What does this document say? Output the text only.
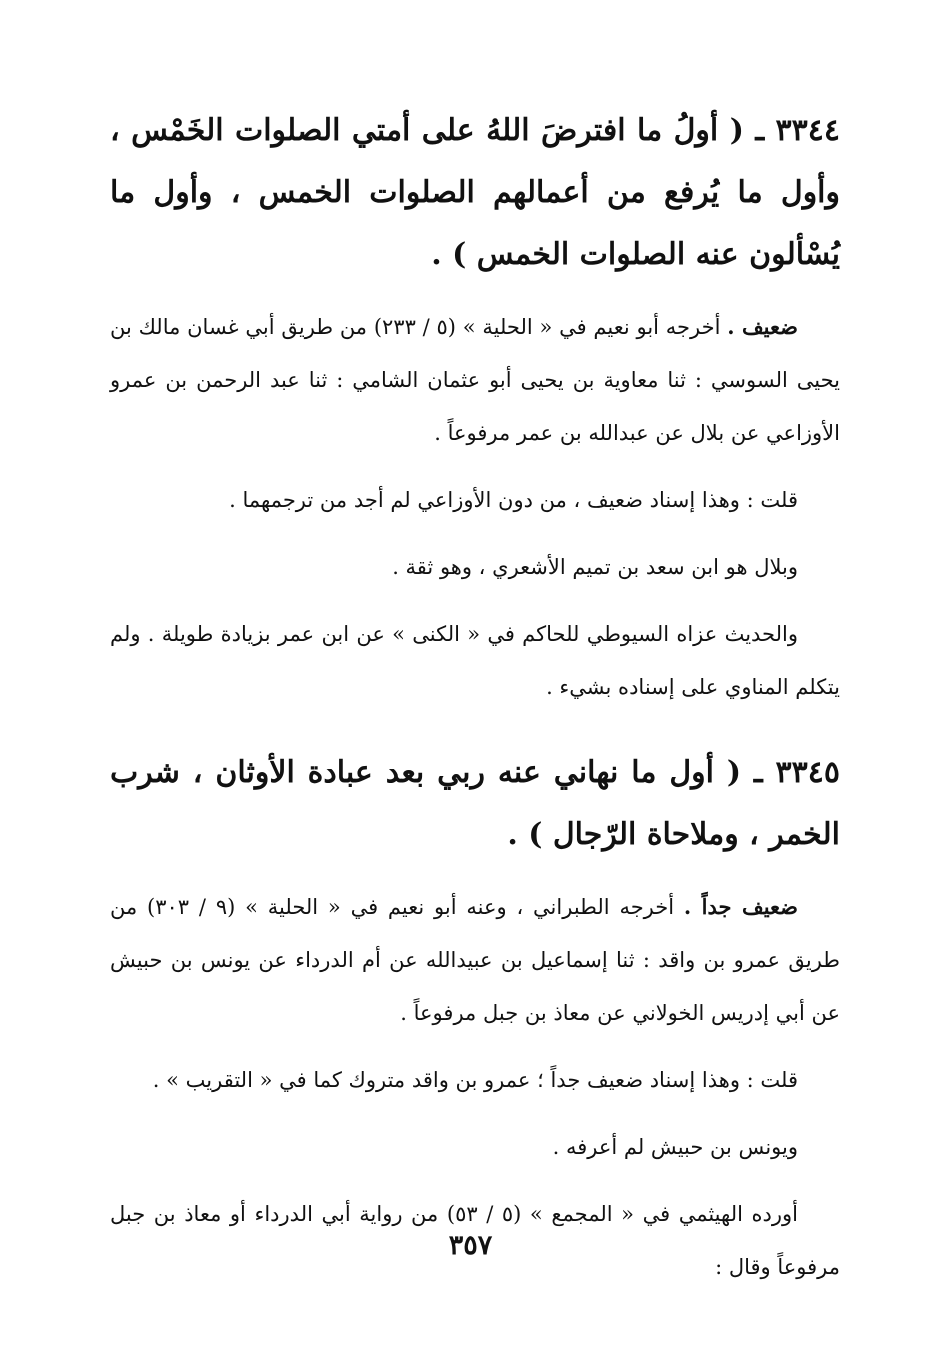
٣٣٤٤ ـ ( أولُ ما افترضَ اللهُ على أمتي الصلوات الخَمْس ، وأول ما يُرفع من أعمالهم الصلوات الخمس ، وأول ما يُسْألون عنه الصلوات الخمس ) .

ضعيف . أخرجه أبو نعيم في « الحلية » (٥ / ٢٣٣) من طريق أبي غسان مالك بن يحيى السوسي : ثنا معاوية بن يحيى أبو عثمان الشامي : ثنا عبد الرحمن بن عمرو الأوزاعي عن بلال عن عبدالله بن عمر مرفوعاً .

قلت : وهذا إسناد ضعيف ، من دون الأوزاعي لم أجد من ترجمهما .

وبلال هو ابن سعد بن تميم الأشعري ، وهو ثقة .

والحديث عزاه السيوطي للحاكم في « الكنى » عن ابن عمر بزيادة طويلة . ولم يتكلم المناوي على إسناده بشيء .

٣٣٤٥ ـ ( أول ما نهاني عنه ربي بعد عبادة الأوثان ، شرب الخمر ، وملاحاة الرّجال ) .

ضعيف جداً . أخرجه الطبراني ، وعنه أبو نعيم في « الحلية » (٩ / ٣٠٣) من طريق عمرو بن واقد : ثنا إسماعيل بن عبيدالله عن أم الدرداء عن يونس بن حبيش عن أبي إدريس الخولاني عن معاذ بن جبل مرفوعاً .

قلت : وهذا إسناد ضعيف جداً ؛ عمرو بن واقد متروك كما في « التقريب » .

ويونس بن حبيش لم أعرفه .

أورده الهيثمي في « المجمع » (٥ / ٥٣) من رواية أبي الدرداء أو معاذ بن جبل مرفوعاً وقال :

٣٥٧
